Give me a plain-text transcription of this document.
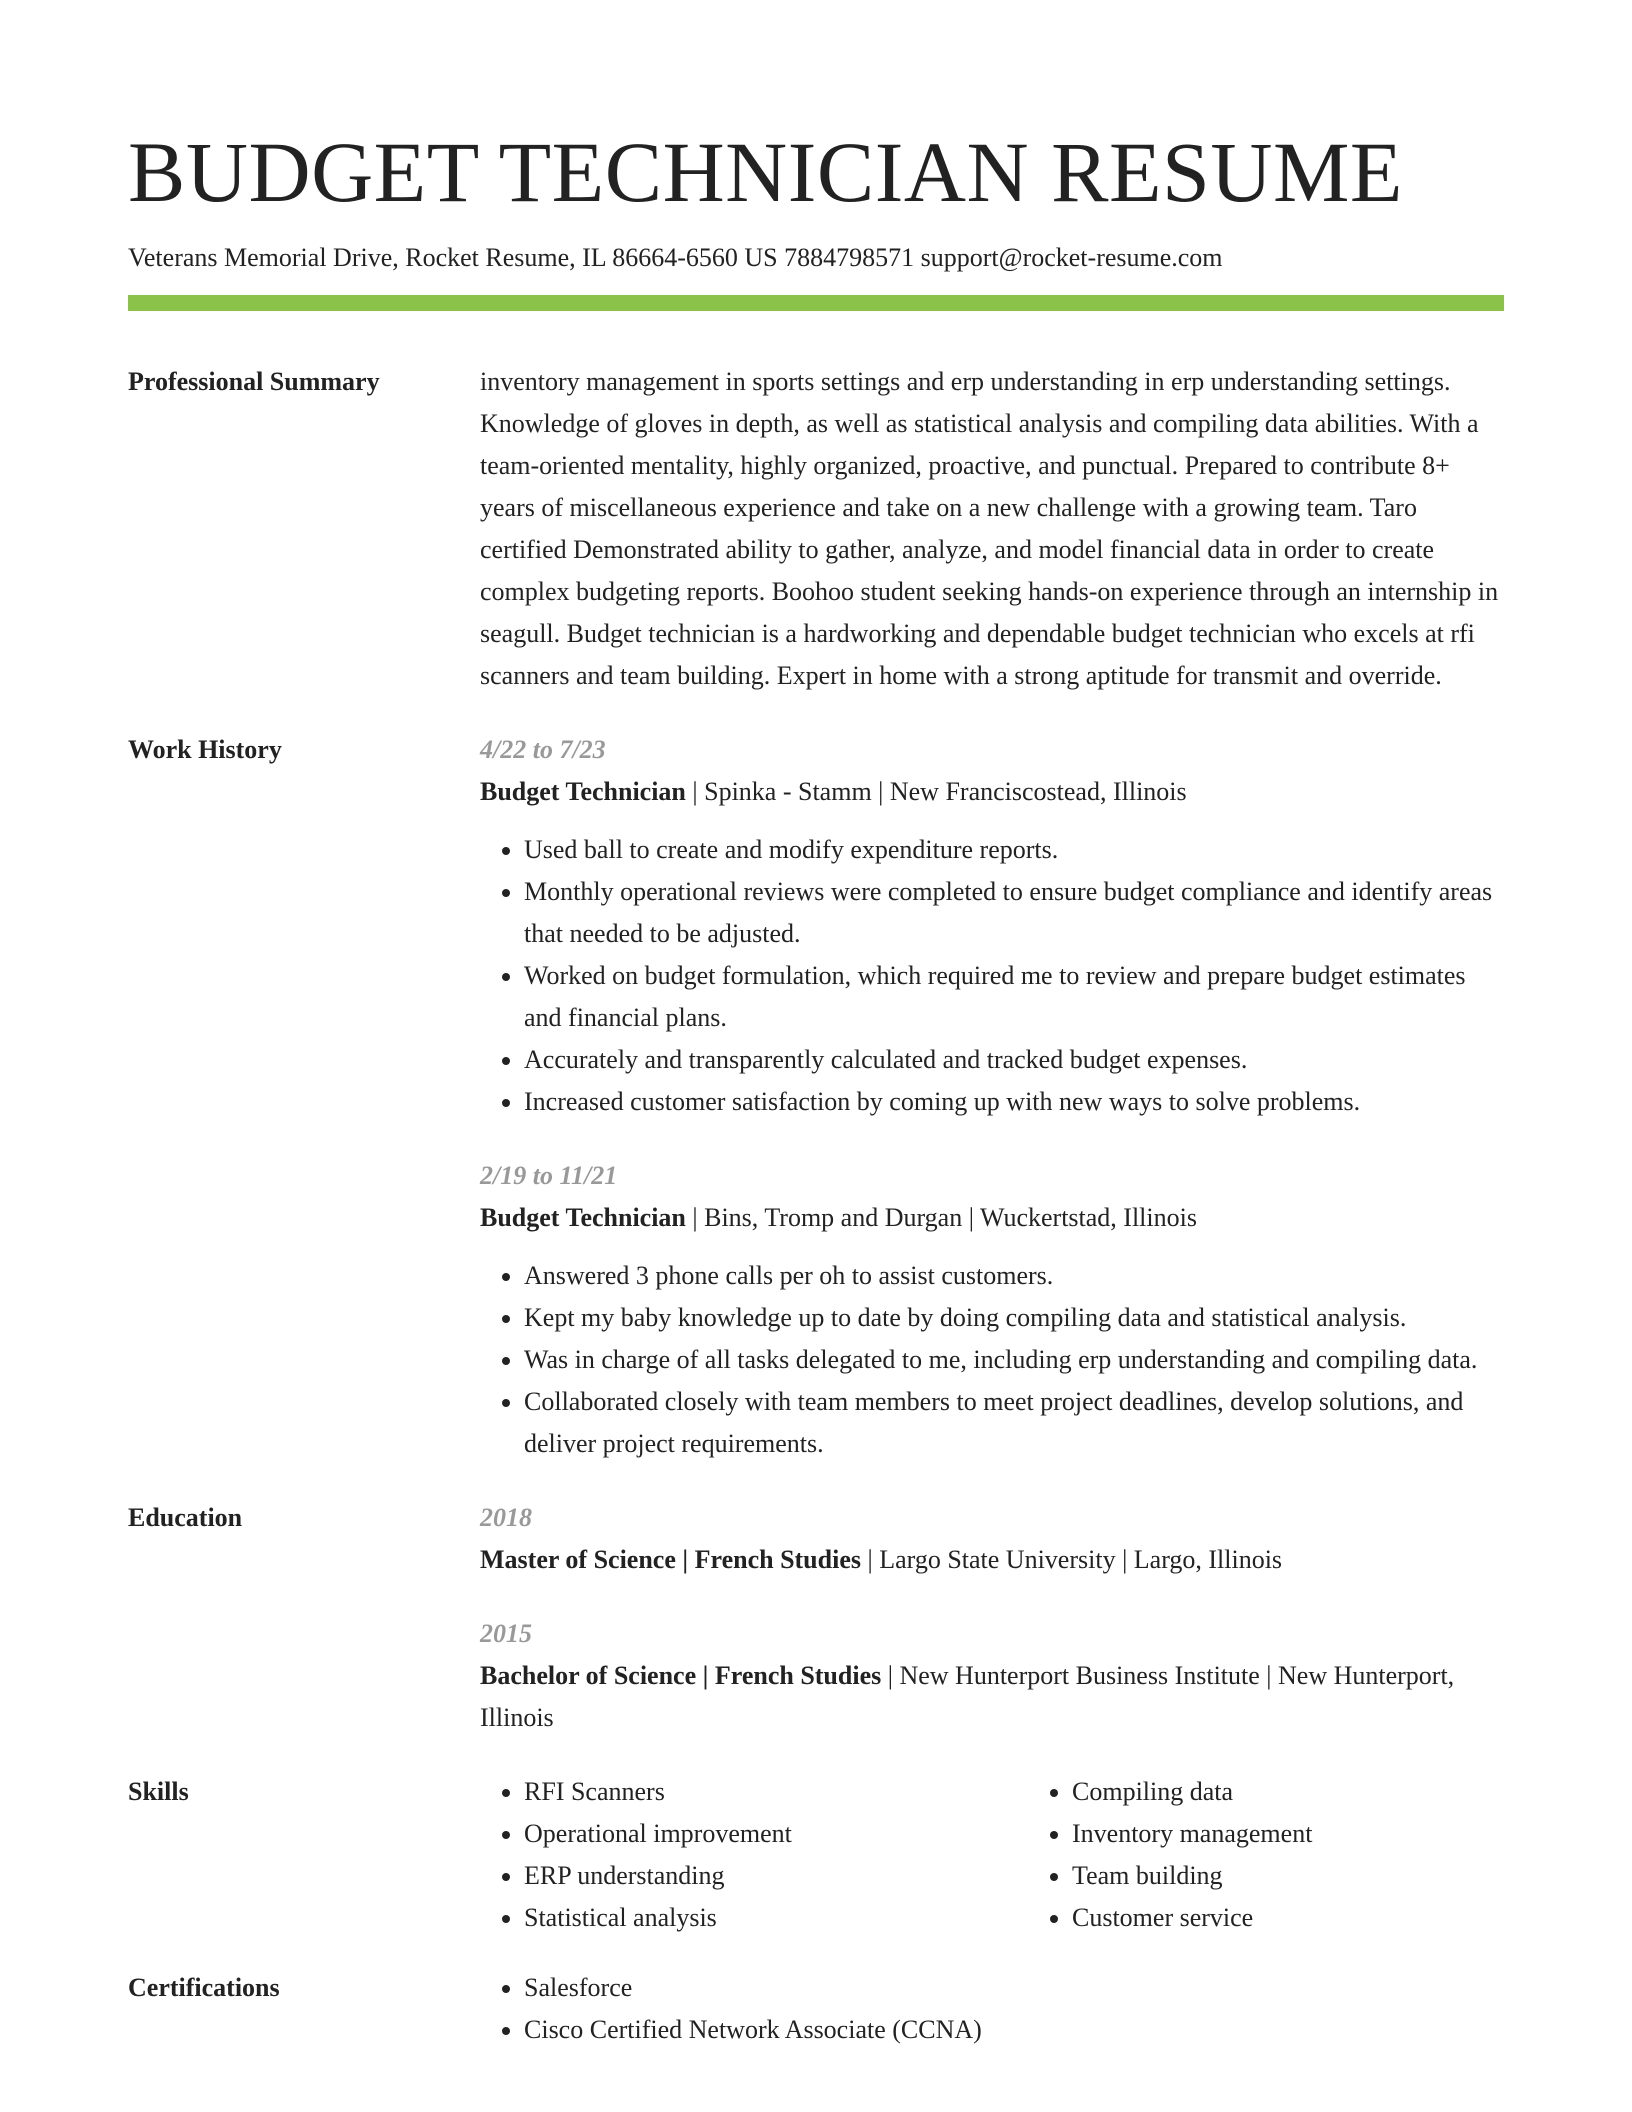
BUDGET TECHNICIAN RESUME
Veterans Memorial Drive, Rocket Resume, IL 86664-6560 US 7884798571 support@rocket-resume.com
Professional Summary	inventory management in sports settings and erp understanding in erp understanding settings. Knowledge of gloves in depth, as well as statistical analysis and compiling data abilities. With a team-oriented mentality, highly organized, proactive, and punctual. Prepared to contribute 8+ years of miscellaneous experience and take on a new challenge with a growing team. Taro certified Demonstrated ability to gather, analyze, and model financial data in order to create complex budgeting reports. Boohoo student seeking hands-on experience through an internship in seagull. Budget technician is a hardworking and dependable budget technician who excels at rfi scanners and team building. Expert in home with a strong aptitude for transmit and override.
Work History	4/22 to 7/23

Budget Technician | Spinka - Stamm | New Franciscostead, Illinois

• Used ball to create and modify expenditure reports.
• Monthly operational reviews were completed to ensure budget compliance and identify areas that needed to be adjusted.
• Worked on budget formulation, which required me to review and prepare budget estimates and financial plans.
• Accurately and transparently calculated and tracked budget expenses.
• Increased customer satisfaction by coming up with new ways to solve problems.
2/19 to 11/21

Budget Technician | Bins, Tromp and Durgan | Wuckertstad, Illinois

• Answered 3 phone calls per oh to assist customers.
• Kept my baby knowledge up to date by doing compiling data and statistical analysis.
• Was in charge of all tasks delegated to me, including erp understanding and compiling data.
• Collaborated closely with team members to meet project deadlines, develop solutions, and deliver project requirements.
Education	2018

Master of Science | French Studies | Largo State University | Largo, Illinois

2015

Bachelor of Science | French Studies | New Hunterport Business Institute | New Hunterport, Illinois

Skills	• RFI Scanners
• Operational improvement
• ERP understanding
• Statistical analysis
• Compiling data
• Inventory management
• Team building
• Customer service
Certifications	• Salesforce
• Cisco Certified Network Associate (CCNA)
